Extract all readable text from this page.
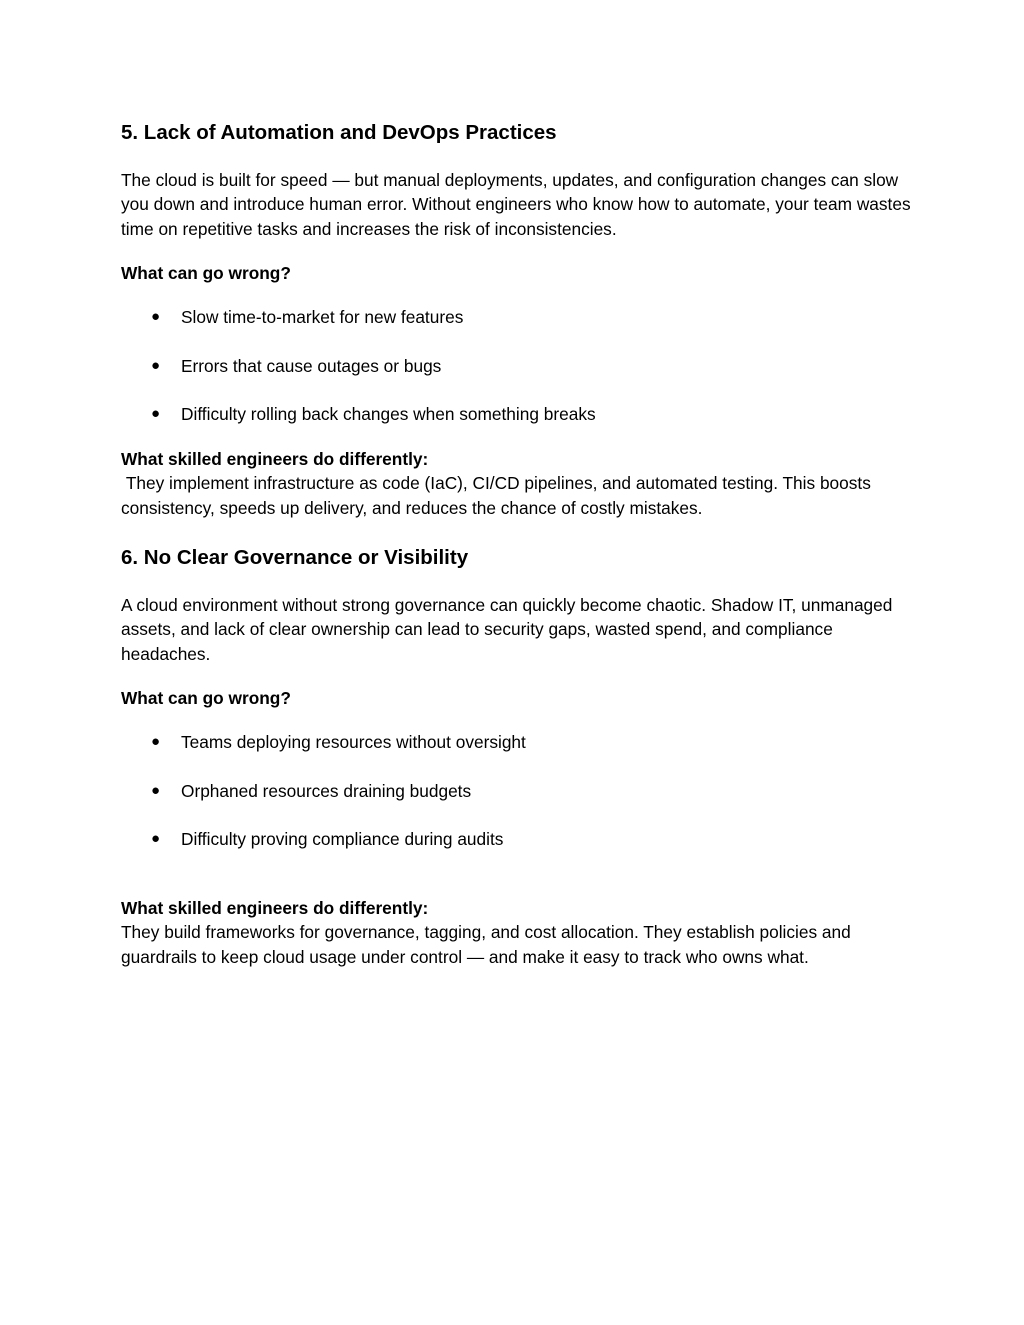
5. Lack of Automation and DevOps Practices

The cloud is built for speed — but manual deployments, updates, and configuration changes can slow you down and introduce human error. Without engineers who know how to automate, your team wastes time on repetitive tasks and increases the risk of inconsistencies.

What can go wrong?

● Slow time-to-market for new features
● Errors that cause outages or bugs
● Difficulty rolling back changes when something breaks

What skilled engineers do differently:

They implement infrastructure as code (IaC), CI/CD pipelines, and automated testing. This boosts consistency, speeds up delivery, and reduces the chance of costly mistakes.

6. No Clear Governance or Visibility

A cloud environment without strong governance can quickly become chaotic. Shadow IT, unmanaged assets, and lack of clear ownership can lead to security gaps, wasted spend, and compliance headaches.

What can go wrong?

● Teams deploying resources without oversight
● Orphaned resources draining budgets
● Difficulty proving compliance during audits

What skilled engineers do differently:

They build frameworks for governance, tagging, and cost allocation. They establish policies and guardrails to keep cloud usage under control — and make it easy to track who owns what.
